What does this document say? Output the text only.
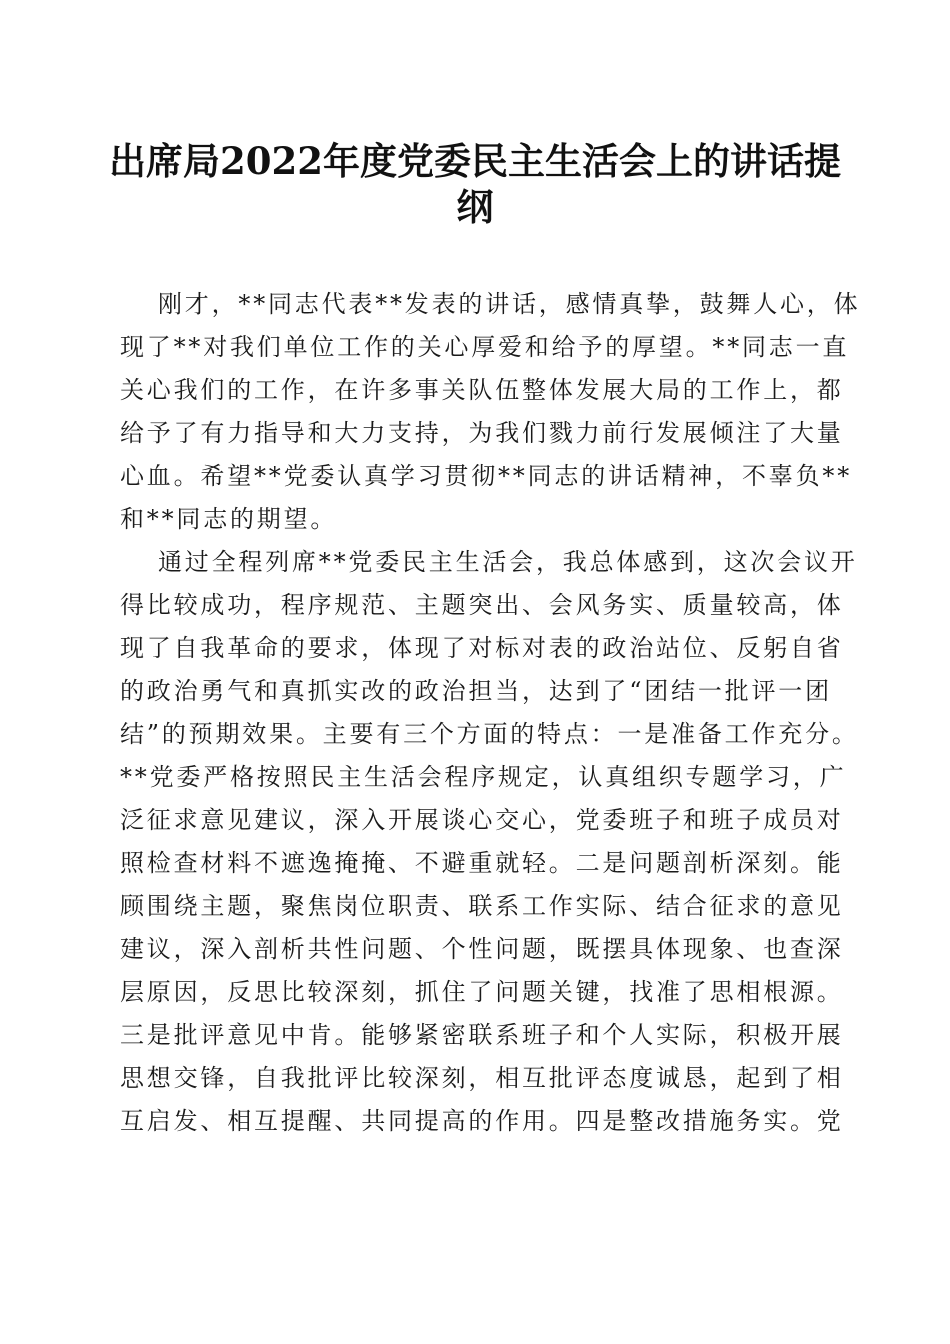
出席局2022年度党委民主生活会上的讲话提
纲

刚才，**同志代表**发表的讲话，感情真挚，鼓舞人心，体
现了**对我们单位工作的关心厚爱和给予的厚望。**同志一直
关心我们的工作，在许多事关队伍整体发展大局的工作上，都
给予了有力指导和大力支持，为我们戮力前行发展倾注了大量
心血。希望**党委认真学习贯彻**同志的讲话精神，不辜负**
和**同志的期望。

通过全程列席**党委民主生活会，我总体感到，这次会议开
得比较成功，程序规范、主题突出、会风务实、质量较高，体
现了自我革命的要求，体现了对标对表的政治站位、反躬自省
的政治勇气和真抓实改的政治担当，达到了“团结一批评一团
结”的预期效果。主要有三个方面的特点：一是准备工作充分。
**党委严格按照民主生活会程序规定，认真组织专题学习，广
泛征求意见建议，深入开展谈心交心，党委班子和班子成员对
照检查材料不遮逸掩掩、不避重就轻。二是问题剖析深刻。能
顾围绕主题，聚焦岗位职责、联系工作实际、结合征求的意见
建议，深入剖析共性问题、个性问题，既摆具体现象、也查深
层原因，反思比较深刻，抓住了问题关键，找准了思相根源。
三是批评意见中肯。能够紧密联系班子和个人实际，积极开展
思想交锋，自我批评比较深刻，相互批评态度诚恳，起到了相
互启发、相互提醒、共同提高的作用。四是整改措施务实。党
